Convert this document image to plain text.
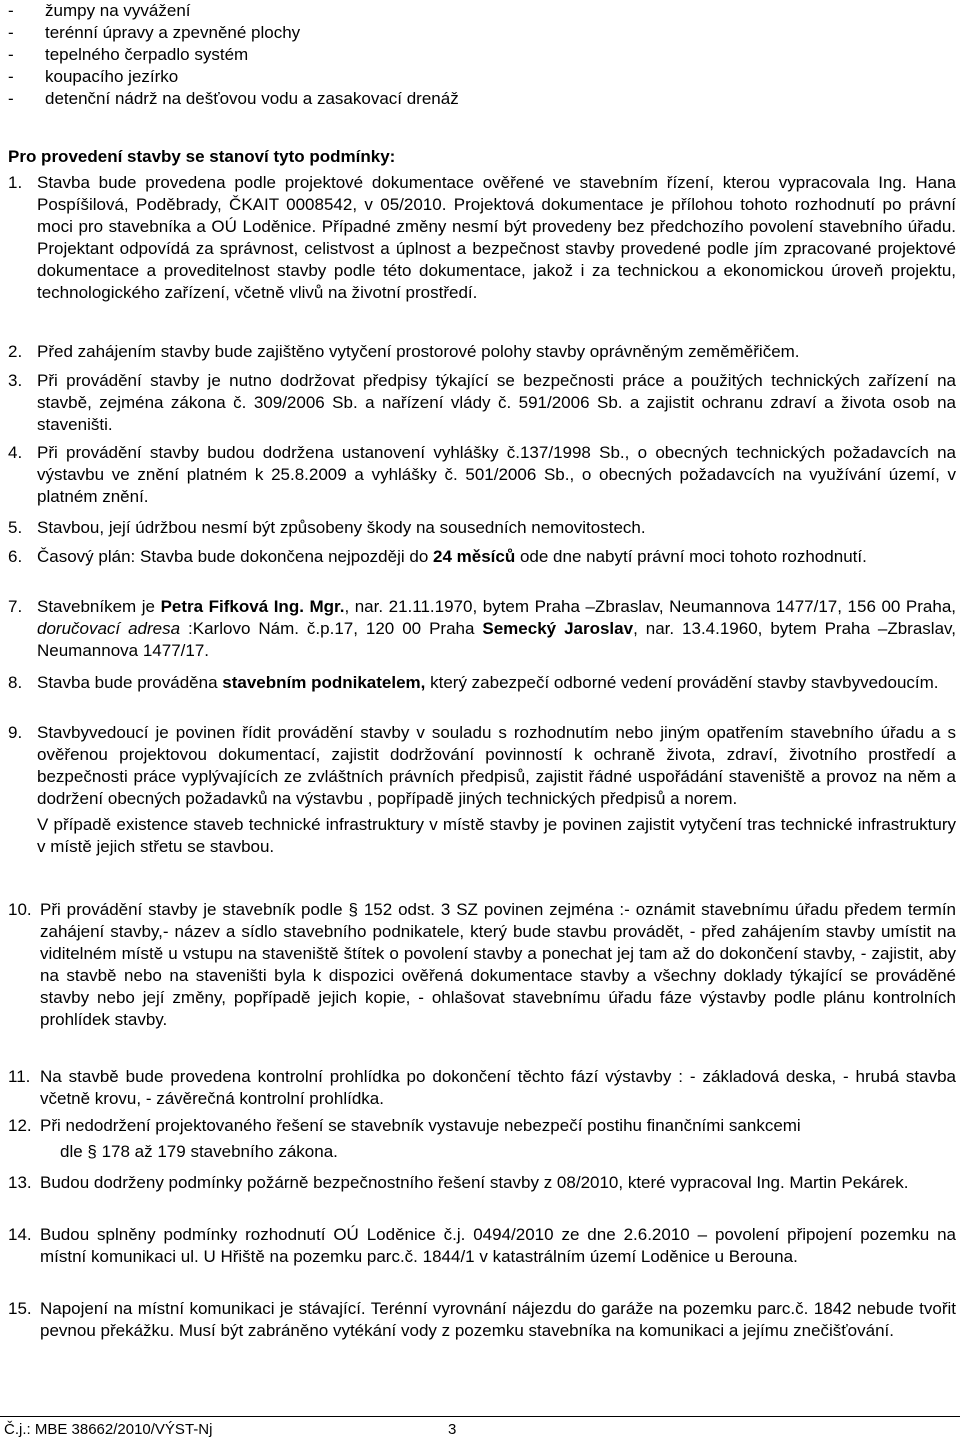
- žumpy na vyvážení
- terénní úpravy a zpevněné plochy
- tepelného čerpadlo systém
- koupacího jezírko
- detenční nádrž na dešťovou vodu a zasakovací drenáž
Pro provedení stavby se stanoví tyto podmínky:
1. Stavba bude provedena podle projektové dokumentace ověřené ve stavebním řízení, kterou vypracovala Ing. Hana Pospíšilová, Poděbrady, ČKAIT 0008542, v 05/2010. Projektová dokumentace je přílohou tohoto rozhodnutí po právní moci pro stavebníka a OÚ Loděnice. Případné změny nesmí být provedeny bez předchozího povolení stavebního úřadu. Projektant odpovídá za správnost, celistvost a úplnost a bezpečnost stavby provedené podle jím zpracované projektové dokumentace a proveditelnost stavby podle této dokumentace, jakož i za technickou a ekonomickou úroveň projektu, technologického zařízení, včetně vlivů na životní prostředí.

2. Před zahájením stavby bude zajištěno vytyčení prostorové polohy stavby oprávněným zeměměřičem.

3. Při provádění stavby je nutno dodržovat předpisy týkající se bezpečnosti práce a použitých technických zařízení na stavbě, zejména zákona č. 309/2006 Sb. a nařízení vlády č. 591/2006 Sb. a zajistit ochranu zdraví a života osob na staveništi.

4. Při provádění stavby budou dodržena ustanovení vyhlášky č.137/1998 Sb., o obecných technických požadavcích na výstavbu ve znění platném k 25.8.2009 a vyhlášky č. 501/2006 Sb., o obecných požadavcích na využívání území, v platném znění.

5. Stavbou, její údržbou nesmí být způsobeny škody na sousedních nemovitostech.

6. Časový plán: Stavba bude dokončena nejpozději do 24 měsíců ode dne nabytí právní moci tohoto rozhodnutí.

7. Stavebníkem je Petra Fifková Ing. Mgr., nar. 21.11.1970, bytem Praha –Zbraslav, Neumannova 1477/17, 156 00 Praha, doručovací adresa :Karlovo Nám. č.p.17, 120 00 Praha Semecký Jaroslav, nar. 13.4.1960, bytem Praha –Zbraslav, Neumannova 1477/17.

8. Stavba bude prováděna stavebním podnikatelem, který zabezpečí odborné vedení provádění stavby stavbyvedoucím.

9. Stavbyvedoucí je povinen řídit provádění stavby v souladu s rozhodnutím nebo jiným opatřením stavebního úřadu a s ověřenou projektovou dokumentací, zajistit dodržování povinností k ochraně života, zdraví, životního prostředí a bezpečnosti práce vyplývajících ze zvláštních právních předpisů, zajistit řádné uspořádání staveniště a provoz na něm a dodržení obecných požadavků na výstavbu , popřípadě jiných technických předpisů a norem.

V případě existence staveb technické infrastruktury v místě stavby je povinen zajistit vytyčení tras technické infrastruktury v místě jejich střetu se stavbou.

10. Při provádění stavby je stavebník podle § 152 odst. 3 SZ povinen zejména :- oznámit stavebnímu úřadu předem termín zahájení stavby,- název a sídlo stavebního podnikatele, který bude stavbu provádět, - před zahájením stavby umístit na viditelném místě u vstupu na staveniště štítek o povolení stavby a ponechat jej tam až do dokončení stavby, - zajistit, aby na stavbě nebo na staveništi byla k dispozici ověřená dokumentace stavby a všechny doklady týkající se prováděné stavby nebo její změny, popřípadě jejich kopie, - ohlašovat stavebnímu úřadu fáze výstavby podle plánu kontrolních prohlídek stavby.

11. Na stavbě bude provedena kontrolní prohlídka po dokončení těchto fází výstavby : - základová deska, - hrubá stavba včetně krovu, - závěrečná kontrolní prohlídka.

12. Při nedodržení projektovaného řešení se stavebník vystavuje nebezpečí postihu finančními sankcemi

dle § 178 až 179 stavebního zákona.

13. Budou dodrženy podmínky požárně bezpečnostního řešení stavby z 08/2010, které vypracoval Ing. Martin Pekárek.

14. Budou splněny podmínky rozhodnutí OÚ Loděnice č.j. 0494/2010 ze dne 2.6.2010 – povolení připojení pozemku na místní komunikaci ul. U Hřiště na pozemku parc.č. 1844/1 v katastrálním území Loděnice u Berouna.

15. Napojení na místní komunikaci je stávající. Terénní vyrovnání nájezdu do garáže na pozemku parc.č. 1842 nebude tvořit pevnou překážku. Musí být zabráněno vytékání vody z pozemku stavebníka na komunikaci a jejímu znečišťování.

Č.j.: MBE 38662/2010/VÝST-Nj	3
